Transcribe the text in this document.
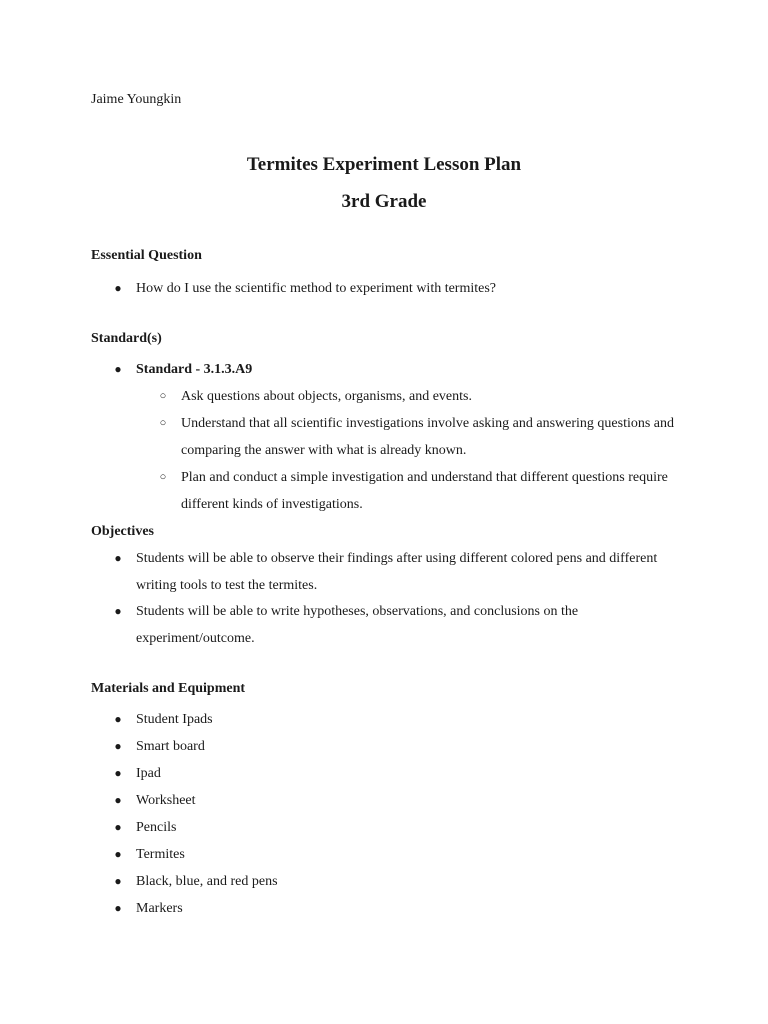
Jaime Youngkin
Termites Experiment Lesson Plan
3rd Grade
Essential Question
● How do I use the scientific method to experiment with termites?
Standard(s)
● Standard - 3.1.3.A9
○ Ask questions about objects, organisms, and events.
○ Understand that all scientific investigations involve asking and answering questions and comparing the answer with what is already known.
○ Plan and conduct a simple investigation and understand that different questions require different kinds of investigations.
Objectives
● Students will be able to observe their findings after using different colored pens and different writing tools to test the termites.
● Students will be able to write hypotheses, observations, and conclusions on the experiment/outcome.
Materials and Equipment
● Student Ipads
● Smart board
● Ipad
● Worksheet
● Pencils
● Termites
● Black, blue, and red pens
● Markers
